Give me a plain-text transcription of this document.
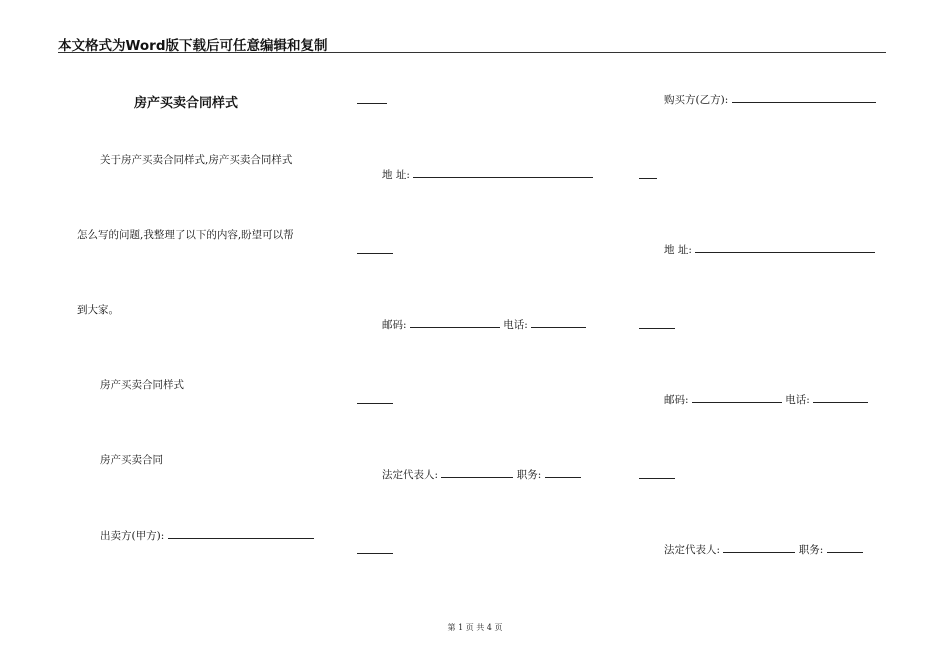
本文格式为Word版下载后可任意编辑和复制
房产买卖合同样式
关于房产买卖合同样式,房产买卖合同样式
怎么写的问题,我整理了以下的内容,盼望可以帮
到大家。
房产买卖合同样式
房产买卖合同
出卖方(甲方):
地 址:
邮码:	电话:
法定代表人:	职务:
购买方(乙方):
地 址:
邮码:	电话:
法定代表人:	职务:
第 1 页 共 4 页
